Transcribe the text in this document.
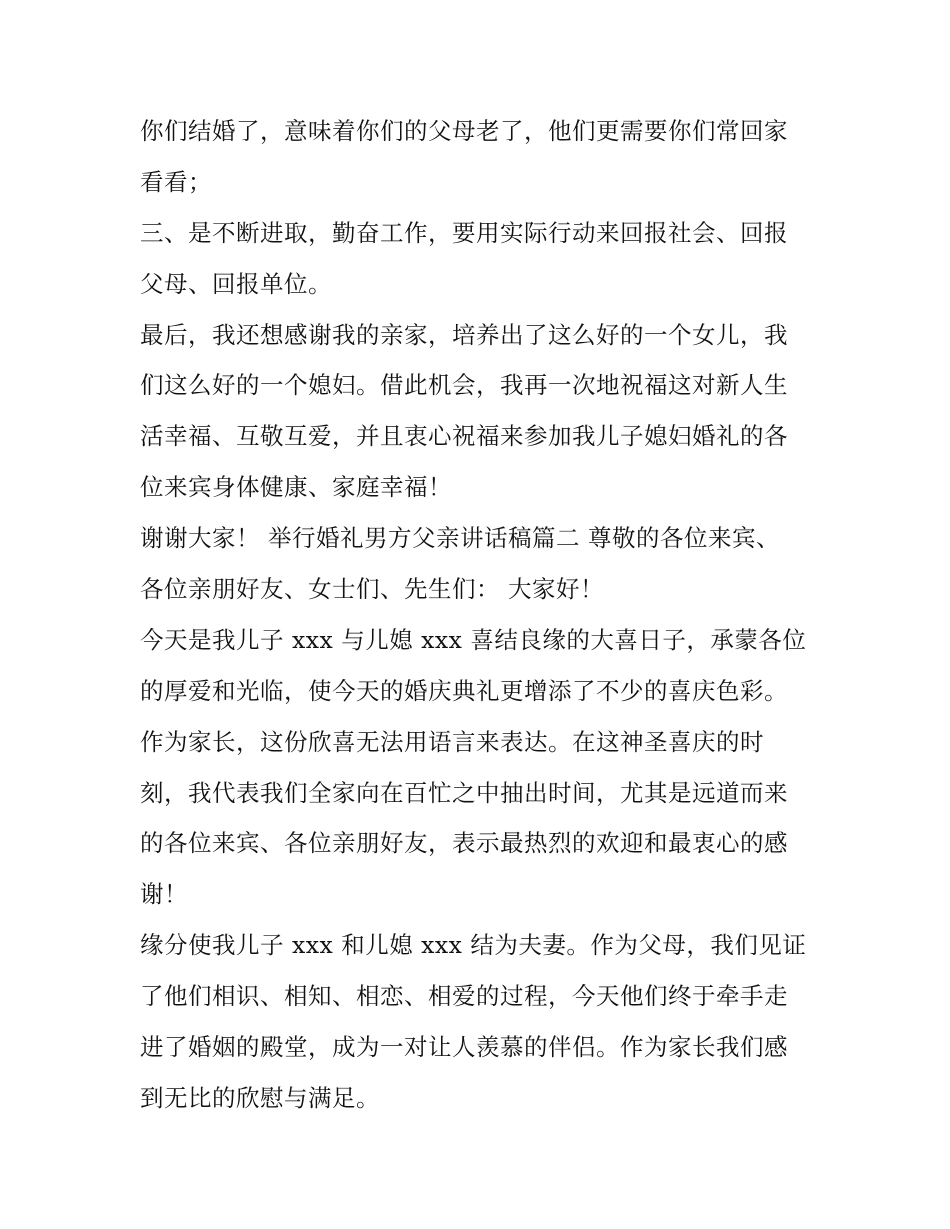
你们结婚了，意味着你们的父母老了，他们更需要你们常回家
看看；
三、是不断进取，勤奋工作，要用实际行动来回报社会、回报
父母、回报单位。
最后，我还想感谢我的亲家，培养出了这么好的一个女儿，我
们这么好的一个媳妇。借此机会，我再一次地祝福这对新人生
活幸福、互敬互爱，并且衷心祝福来参加我儿子媳妇婚礼的各
位来宾身体健康、家庭幸福！
谢谢大家！ 举行婚礼男方父亲讲话稿篇二 尊敬的各位来宾、
各位亲朋好友、女士们、先生们： 大家好！
今天是我儿子 xxx 与儿媳 xxx 喜结良缘的大喜日子，承蒙各位
的厚爱和光临，使今天的婚庆典礼更增添了不少的喜庆色彩。
作为家长，这份欣喜无法用语言来表达。在这神圣喜庆的时
刻，我代表我们全家向在百忙之中抽出时间，尤其是远道而来
的各位来宾、各位亲朋好友，表示最热烈的欢迎和最衷心的感
谢！
缘分使我儿子 xxx 和儿媳 xxx 结为夫妻。作为父母，我们见证
了他们相识、相知、相恋、相爱的过程，今天他们终于牵手走
进了婚姻的殿堂，成为一对让人羡慕的伴侣。作为家长我们感
到无比的欣慰与满足。
